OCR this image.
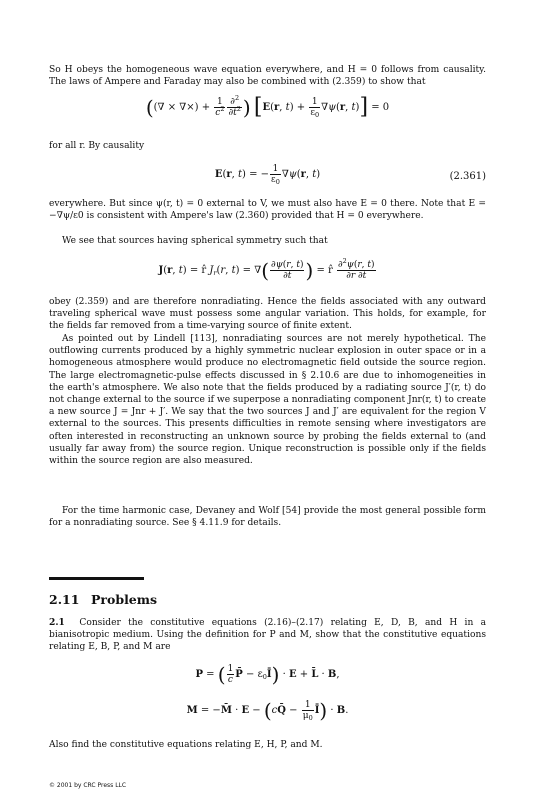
So H obeys the homogeneous wave equation everywhere, and H = 0 follows from causality. The laws of Ampere and Faraday may also be combined with (2.359) to show that

((∇ × ∇×) + $\frac{1}{c^2} \frac{\partial^2}{\partial t^2}$ ) [E(r, $t) + \frac{1}{\varepsilon_0} \nabla\psi(r$, t)] = 0

for all r. By causality

E(r, t) = − $\frac{1}{\varepsilon_0} \nabla\psi(r$, t)	(2.361)

everywhere. But since ψ(r, t) = 0 external to V, we must also have E = 0 there. Note that E = −∇ψ/ε0 is consistent with Ampere's law (2.360) provided that H = 0 everywhere.

We see that sources having spherical symmetry such that

J(r, t) = r̂ $J_r(r$, t) = ∇( $\frac{\partial\psi(r, t)}{\partial t}$ ) = r̂ $\frac{\partial^2\psi(r, t)}{\partial r \partial t}$

obey (2.359) and are therefore nonradiating. Hence the fields associated with any outward traveling spherical wave must possess some angular variation. This holds, for example, for the fields far removed from a time-varying source of finite extent.

As pointed out by Lindell [113], nonradiating sources are not merely hypothetical. The outflowing currents produced by a highly symmetric nuclear explosion in outer space or in a homogeneous atmosphere would produce no electromagnetic field outside the source region. The large electromagnetic-pulse effects discussed in § 2.10.6 are due to inhomogeneities in the earth's atmosphere. We also note that the fields produced by a radiating source J′(r, t) do not change external to the source if we superpose a nonradiating component Jnr(r, t) to create a new source J = Jnr + J′. We say that the two sources J and J′ are equivalent for the region V external to the sources. This presents difficulties in remote sensing where investigators are often interested in reconstructing an unknown source by probing the fields external to (and usually far away from) the source region. Unique reconstruction is possible only if the fields within the source region are also measured.

For the time harmonic case, Devaney and Wolf [54] provide the most general possible form for a nonradiating source. See § 4.11.9 for details.

2.11 Problems

2.1 Consider the constitutive equations (2.16)–(2.17) relating E, D, B, and H in a bianisotropic medium. Using the definition for P and M, show that the constitutive equations relating E, B, P, and M are

P = ( $\frac{1}{c}$ P̄ − $\varepsilon_0Ī) \cdot E$ + L̄ · B,
M = −M̄ · E − (cQ̄ − $\frac{1}{\mu_0}$ Ī) · B.

Also find the constitutive equations relating E, H, P, and M.

© 2001 by CRC Press LLC
